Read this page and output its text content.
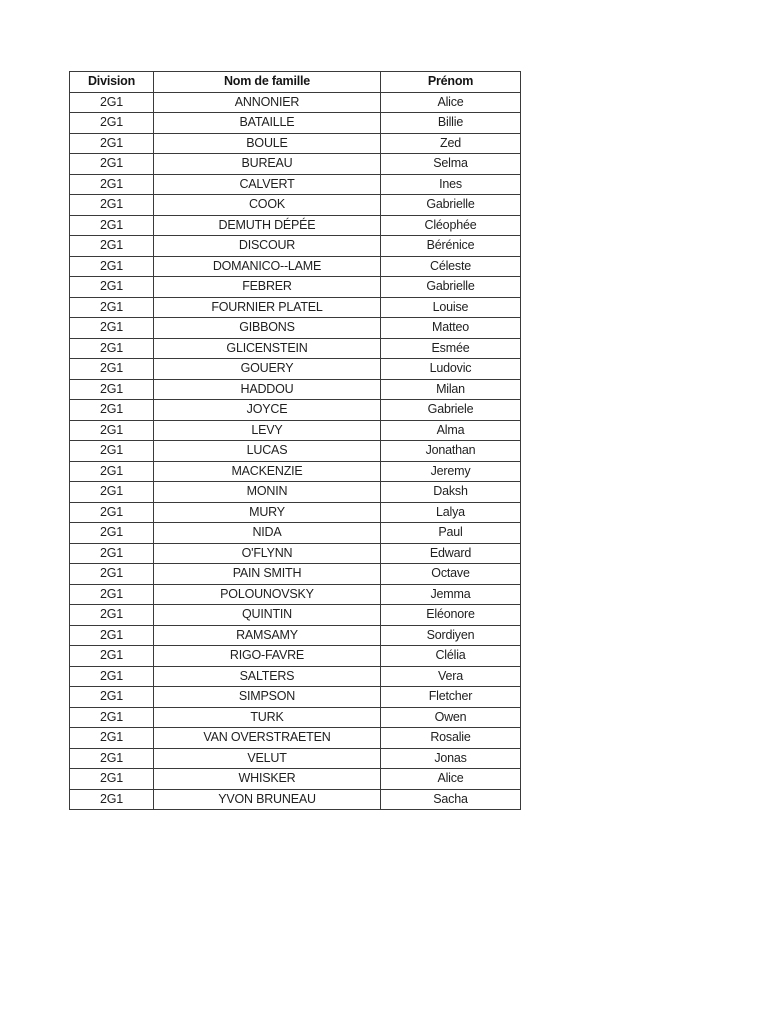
Division	Nom de famille	Prénom
2G1	ANNONIER	Alice
2G1	BATAILLE	Billie
2G1	BOULE	Zed
2G1	BUREAU	Selma
2G1	CALVERT	Ines
2G1	COOK	Gabrielle
2G1	DEMUTH DÉPÉE	Cléophée
2G1	DISCOUR	Bérénice
2G1	DOMANICO--LAME	Céleste
2G1	FEBRER	Gabrielle
2G1	FOURNIER PLATEL	Louise
2G1	GIBBONS	Matteo
2G1	GLICENSTEIN	Esmée
2G1	GOUERY	Ludovic
2G1	HADDOU	Milan
2G1	JOYCE	Gabriele
2G1	LEVY	Alma
2G1	LUCAS	Jonathan
2G1	MACKENZIE	Jeremy
2G1	MONIN	Daksh
2G1	MURY	Lalya
2G1	NIDA	Paul
2G1	O'FLYNN	Edward
2G1	PAIN SMITH	Octave
2G1	POLOUNOVSKY	Jemma
2G1	QUINTIN	Eléonore
2G1	RAMSAMY	Sordiyen
2G1	RIGO-FAVRE	Clélia
2G1	SALTERS	Vera
2G1	SIMPSON	Fletcher
2G1	TURK	Owen
2G1	VAN OVERSTRAETEN	Rosalie
2G1	VELUT	Jonas
2G1	WHISKER	Alice
2G1	YVON BRUNEAU	Sacha
